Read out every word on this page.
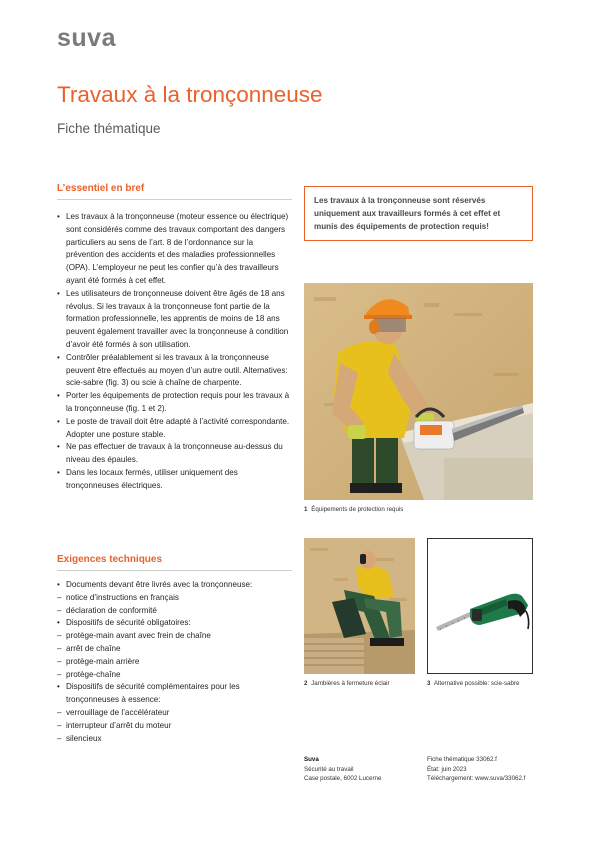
suva
Travaux à la tronçonneuse
Fiche thématique
L’essentiel en bref
• Les travaux à la tronçonneuse (moteur essence ou électrique) sont considérés comme des travaux comportant des dangers particuliers au sens de l’art. 8 de l’ordonnance sur la prévention des accidents et des maladies professionnelles (OPA). L’employeur ne peut les confier qu’à des travailleurs ayant été formés à cet effet.
• Les utilisateurs de tronçonneuse doivent être âgés de 18 ans révolus. Si les travaux à la tronçonneuse font partie de la formation professionnelle, les apprentis de moins de 18 ans peuvent également travailler avec la tronçonneuse à condition d’avoir été formés à son utilisation.
• Contrôler préalablement si les travaux à la tronçonneuse peuvent être effectués au moyen d’un autre outil. Alternatives: scie-sabre (fig. 3) ou scie à chaîne de charpente.
• Porter les équipements de protection requis pour les travaux à la tronçonneuse (fig. 1 et 2).
• Le poste de travail doit être adapté à l’activité correspondante. Adopter une posture stable.
• Ne pas effectuer de travaux à la tronçonneuse au-dessus du niveau des épaules.
• Dans les locaux fermés, utiliser uniquement des tronçonneuses électriques.
Les travaux à la tronçonneuse sont réservés uniquement aux travailleurs formés à cet effet et munis des équipements de protection requis!
1 Équipements de protection requis
2 Jambières à fermeture éclair	3 Alternative possible: scie-sabre
Exigences techniques
• Documents devant être livrés avec la tronçonneuse:
– notice d’instructions en français
– déclaration de conformité
• Dispositifs de sécurité obligatoires:
– protège-main avant avec frein de chaîne
– arrêt de chaîne
– protège-main arrière
– protège-chaîne
• Dispositifs de sécurité complémentaires pour les tronçonneuses à essence:
– verrouillage de l’accélérateur
– interrupteur d’arrêt du moteur
– silencieux
Suva
Sécurité au travail
Case postale, 6002 Lucerne
Fiche thématique 33062.f
État: juin 2023
Téléchargement: www.suva/33062.f
